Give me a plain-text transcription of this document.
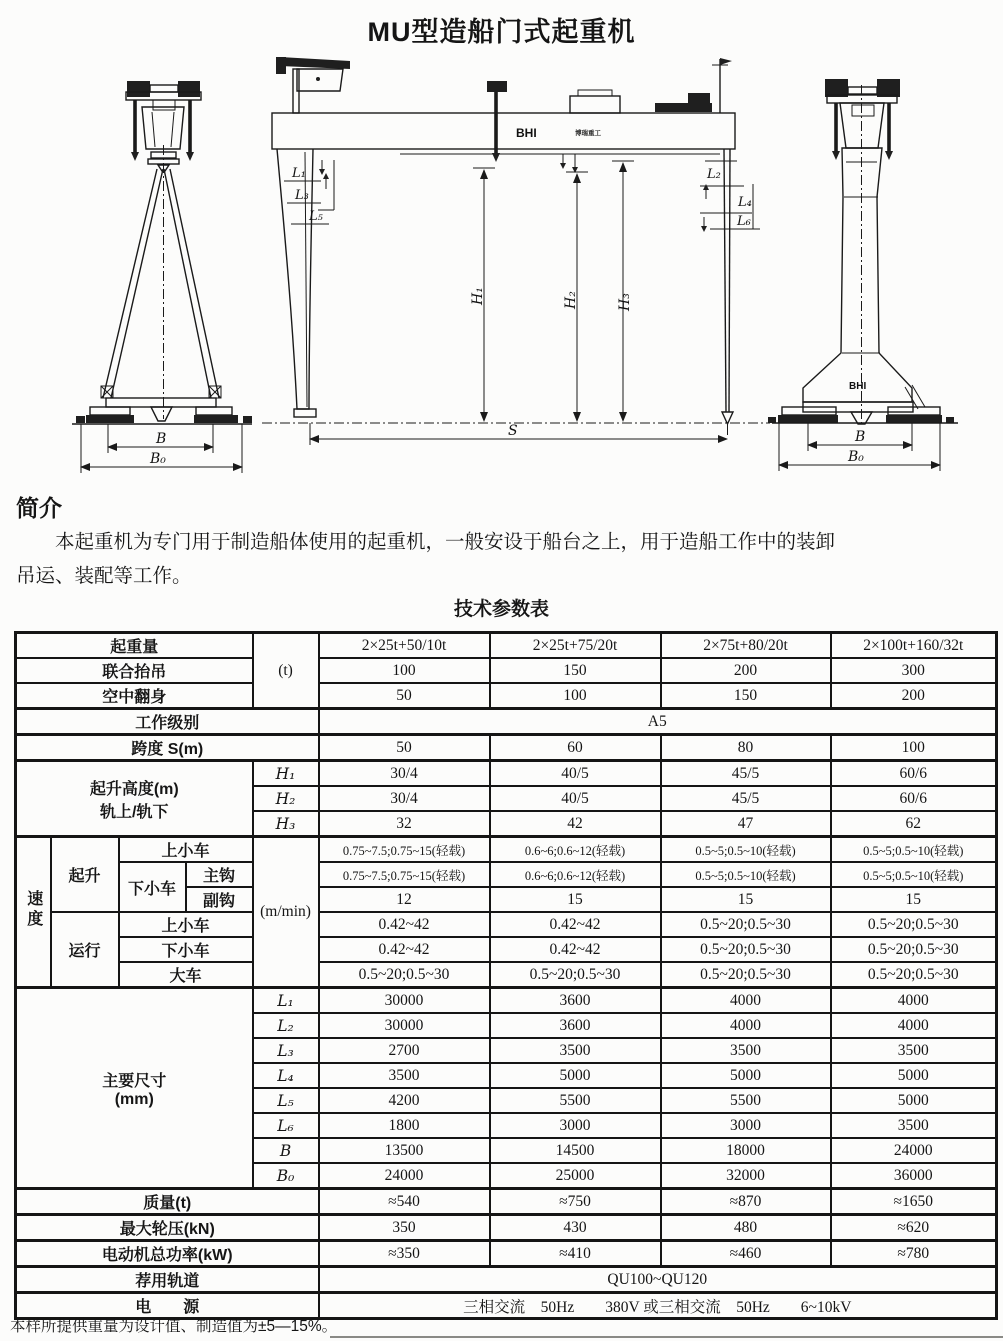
MU型造船门式起重机
B
B₀
BHI	博瑞重工
L₁
L₃
L₅
L₂
L₄
L₆
H₁	H₂	H₃
S
BHI
B
B₀
简介
本起重机为专门用于制造船体使用的起重机，一般安设于船台之上，用于造船工作中的装卸
吊运、装配等工作。
技术参数表
起重量				(t)	2×25t+50/10t	2×25t+75/20t	2×75t+80/20t	2×100t+160/32t
联合抬吊					100	150	200	300
空中翻身					50	100	150	200
工作级别					A5			
跨度 S(m)					50	60	80	100
起升高度(m)
轨上/轨下				H₁	30/4	40/5	45/5	60/6
				H₂	30/4	40/5	45/5	60/6
				H₃	32	42	47	62
速度	起升	上小车		(m/min)	0.75~7.5;0.75~15(轻载)	0.6~6;0.6~12(轻载)	0.5~5;0.5~10(轻载)	0.5~5;0.5~10(轻载)
		下小车	主钩		0.75~7.5;0.75~15(轻载)	0.6~6;0.6~12(轻载)	0.5~5;0.5~10(轻载)	0.5~5;0.5~10(轻载)
			副钩		12	15	15	15
	运行	上小车			0.42~42	0.42~42	0.5~20;0.5~30	0.5~20;0.5~30
		下小车			0.42~42	0.42~42	0.5~20;0.5~30	0.5~20;0.5~30
		大车			0.5~20;0.5~30	0.5~20;0.5~30	0.5~20;0.5~30	0.5~20;0.5~30
主要尺寸
(mm)				L₁	30000	3600	4000	4000
				L₂	30000	3600	4000	4000
				L₃	2700	3500	3500	3500
				L₄	3500	5000	5000	5000
				L₅	4200	5500	5500	5000
				L₆	1800	3000	3000	3500
				B	13500	14500	18000	24000
				B₀	24000	25000	32000	36000
质量(t)					≈540	≈750	≈870	≈1650
最大轮压(kN)					350	430	480	≈620
电动机总功率(kW)					≈350	≈410	≈460	≈780
荐用轨道					QU100~QU120			
电　　源					三相交流　50Hz　　380V 或三相交流　50Hz　　6~10kV			
本样所提供重量为设计值、制造值为±5—15%。
